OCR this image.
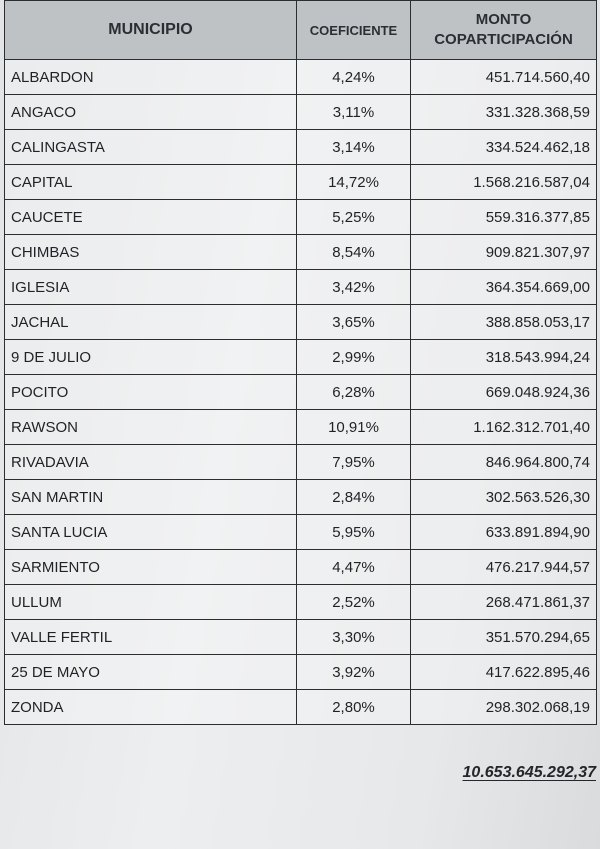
MUNICIPIO	COEFICIENTE	MONTO
COPARTICIPACIÓN
ALBARDON	4,24%	451.714.560,40
ANGACO	3,11%	331.328.368,59
CALINGASTA	3,14%	334.524.462,18
CAPITAL	14,72%	1.568.216.587,04
CAUCETE	5,25%	559.316.377,85
CHIMBAS	8,54%	909.821.307,97
IGLESIA	3,42%	364.354.669,00
JACHAL	3,65%	388.858.053,17
9 DE JULIO	2,99%	318.543.994,24
POCITO	6,28%	669.048.924,36
RAWSON	10,91%	1.162.312.701,40
RIVADAVIA	7,95%	846.964.800,74
SAN MARTIN	2,84%	302.563.526,30
SANTA LUCIA	5,95%	633.891.894,90
SARMIENTO	4,47%	476.217.944,57
ULLUM	2,52%	268.471.861,37
VALLE FERTIL	3,30%	351.570.294,65
25 DE MAYO	3,92%	417.622.895,46
ZONDA	2,80%	298.302.068,19
10.653.645.292,37
